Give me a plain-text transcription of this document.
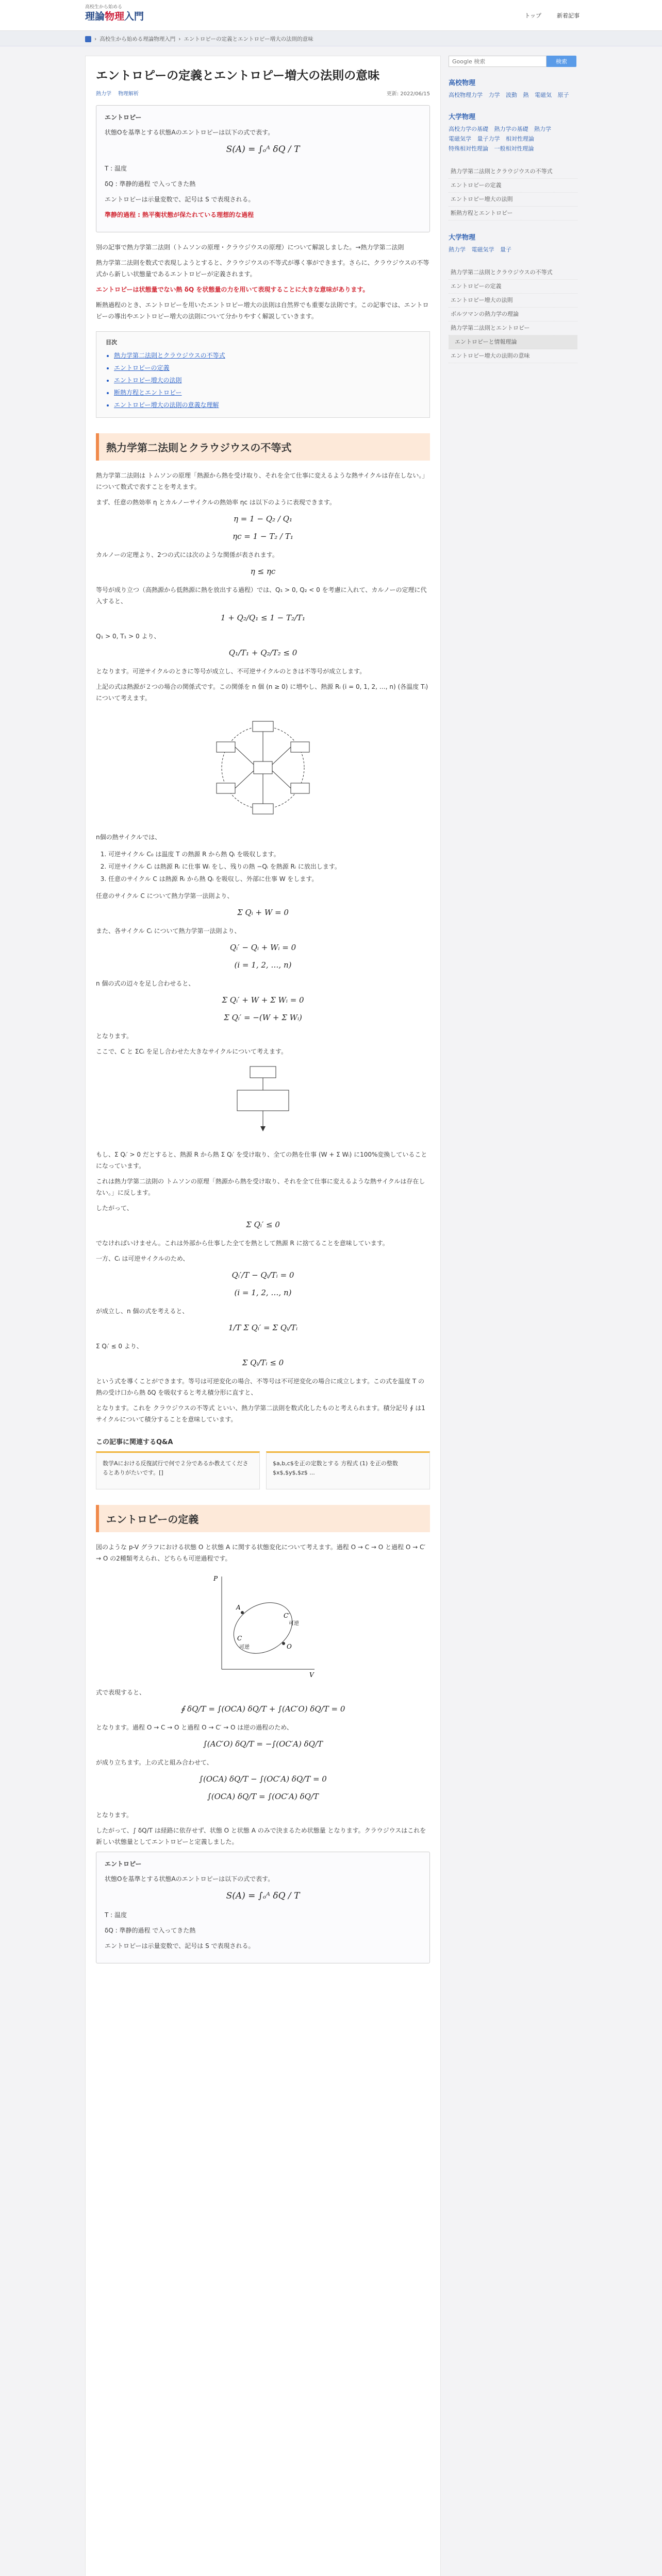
高校生から始める
理論物理入門	トップ	新着記事
› 高校生から始める理論物理入門 › エントロピーの定義とエントロピー増大の法則的意味
エントロピーの定義とエントロピー増大の法則の意味
熱力学 物理解析	更新: 2022/06/15
エントロピー

状態Oを基準とする状態Aのエントロピーは以下の式で表す。

S(A) = ∫ₒᴬ δQ / T

T : 温度

δQ : 準静的過程 で入ってきた熱

エントロピーは示量変数で、記号は S で表現される。

準静的過程 : 熱平衡状態が保たれている理想的な過程

別の記事で熱力学第二法則（トムソンの原理・クラウジウスの原理）について解説しました。→熱力学第二法則

熱力学第二法則を数式で表現しようとすると、クラウジウスの不等式が導く事ができます。さらに、クラウジウスの不等式から新しい状態量であるエントロピーが定義されます。

エントロピーは状態量でない熱 δQ を状態量の力を用いて表現することに大きな意味があります。

断熱過程のとき、エントロピーを用いたエントロピー増大の法則は自然界でも重要な法則です。この記事では、エントロピーの導出やエントロピー増大の法則について分かりやすく解説していきます。

目次
• 熱力学第二法則とクラウジウスの不等式
• エントロピーの定義
• エントロピー増大の法則
• 断熱方程とエントロピー
• エントロピー増大の法則の意義な理解
熱力学第二法則とクラウジウスの不等式

熱力学第二法則は トムソンの原理「熱源から熱を受け取り、それを全て仕事に変えるような熱サイクルは存在しない。」について数式で表すことを考えます。

まず、任意の熱効率 η とカルノーサイクルの熱効率 ηc は以下のように表現できます。

η = 1 − Q₂ / Q₁
ηc = 1 − T₂ / T₁

カルノーの定理より、2つの式には次のような関係が表されます。

η ≤ ηc

等号が成り立つ（高熱源から低熱源に熱を放出する過程）では、Q₁ > 0, Q₂ < 0 を考慮に入れて、カルノーの定理に代入すると、

1 + Q₂/Q₁ ≤ 1 − T₂/T₁

Q₁ > 0, T₁ > 0 より、

Q₁/T₁ + Q₂/T₂ ≤ 0

となります。可逆サイクルのときに等号が成立し、不可逆サイクルのときは不等号が成立します。

上記の式は熱源が２つの場合の関係式です。この関係を n 個 (n ≥ 0) に増やし、熱源 Rᵢ (i = 0, 1, 2, …, n) (各温度 Tᵢ) について考えます。

n個の熱サイクルでは、

1. 可逆サイクル C₀ は温度 T の熱源 R から熱 Qᵢ を吸収します。
2. 可逆サイクル Cᵢ は熱源 Rᵢ に仕事 Wᵢ をし、残りの熱 −Qᵢ を熱源 Rᵢ に放出します。
3. 任意のサイクル C は熱源 Rᵢ から熱 Qᵢ を吸収し、外部に仕事 W をします。

任意のサイクル C について熱力学第一法則より、

Σ Qᵢ + W = 0

また、各サイクル Cᵢ について熱力学第一法則より、

Qᵢ′ − Qᵢ + Wᵢ = 0
(i = 1, 2, …, n)

n 個の式の辺々を足し合わせると、

Σ Qᵢ′ + W + Σ Wᵢ = 0
Σ Qᵢ′ = −(W + Σ Wᵢ)

となります。

ここで、C と ΣCᵢ を足し合わせた大きなサイクルについて考えます。

もし、Σ Qᵢ′ > 0 だとすると、熱源 R から熱 Σ Qᵢ′ を受け取り、全ての熱を仕事 (W + Σ Wᵢ) に100%変換していることになっています。

これは熱力学第二法則の トムソンの原理「熱源から熱を受け取り、それを全て仕事に変えるような熱サイクルは存在しない。」に反します。

したがって、

Σ Qᵢ′ ≤ 0

でなければいけません。これは外部から仕事した全てを熱として熱源 R に捨てることを意味しています。

一方、Cᵢ は可逆サイクルのため、

Qᵢ′/T − Qᵢ/Tᵢ = 0
(i = 1, 2, …, n)

が成立し、n 個の式を考えると、

1/T Σ Qᵢ′ = Σ Qᵢ/Tᵢ

Σ Qᵢ′ ≤ 0 より、

Σ Qᵢ/Tᵢ ≤ 0

という式を導くことができます。等号は可逆変化の場合、不等号は不可逆変化の場合に成立します。この式を温度 T の熱の受け口から熱 δQ を吸収すると考え積分形に直すと、

となります。これを クラウジウスの不等式 といい、熱力学第二法則を数式化したものと考えられます。積分記号 ∮ は1サイクルについて積分することを意味しています。

この記事に関連するQ&A
数学Aにおける反復試行で何で２分であるか教えてくださるとありがたいです。[]
$a,b,c$を正の定数とする 方程式 (1) を正の整数$x$,$y$,$z$ ...
エントロピーの定義

図のような p-V グラフにおける状態 O と状態 A に関する状態変化について考えます。過程 O → C → O と過程 O → C′ → O の2種類考えられ、どちらも可逆過程です。

P
V
A
O
C
C′
可逆
可逆

式で表現すると、

∮ δQ/T = ∫(OCA) δQ/T + ∫(AC′O) δQ/T = 0

となります。過程 O → C → O と過程 O → C′ → O は逆の過程のため、

∫(AC′O) δQ/T = −∫(OC′A) δQ/T

が成り立ちます。上の式と組み合わせて、

∫(OCA) δQ/T − ∫(OC′A) δQ/T = 0
∫(OCA) δQ/T = ∫(OC′A) δQ/T

となります。

したがって、∫ δQ/T は経路に依存せず、状態 O と状態 A のみで決まるため状態量 となります。クラウジウスはこれを新しい状態量としてエントロピーと定義しました。

エントロピー

状態Oを基準とする状態Aのエントロピーは以下の式で表す。

S(A) = ∫ₒᴬ δQ / T

T : 温度

δQ : 準静的過程 で入ってきた熱

エントロピーは示量変数で、記号は S で表現される。

Google 検索
検索
高校物理
高校物理力学 力学 波動 熱 電磁気 原子
大学物理
高校力学の基礎 熱力学の基礎 熱力学 電磁気学 量子力学 相対性理論 特殊相対性理論 一般相対性理論
熱力学第二法則とクラウジウスの不等式
エントロピーの定義
エントロピー増大の法則
断熱方程とエントロピー
大学物理
熱力学 電磁気学 量子
熱力学第二法則とクラウジウスの不等式
エントロピーの定義
エントロピー増大の法則
ボルツマンの熱力学の理論
熱力学第二法則とエントロピー
エントロピーと情報理論
エントロピー増大の法則の意味
